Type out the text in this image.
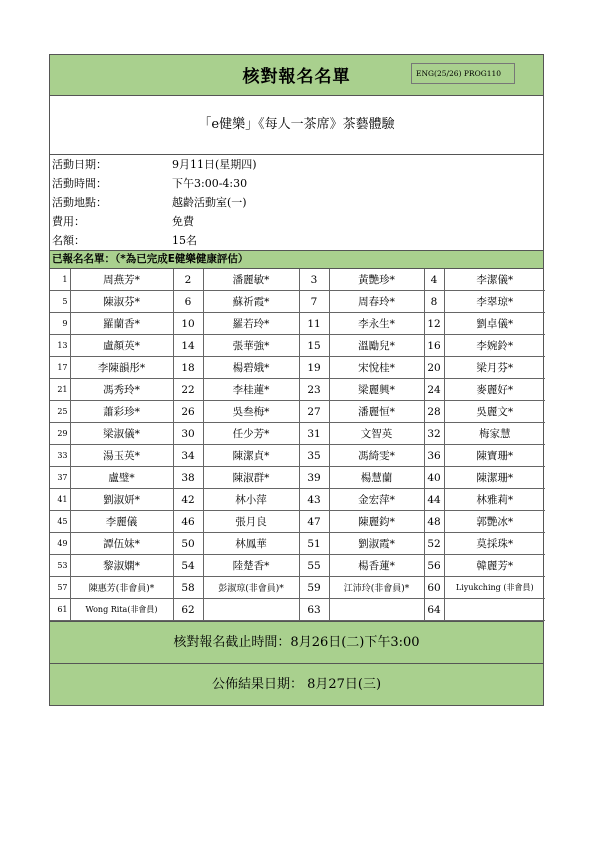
核對報名名單	ENG(25/26) PROG110
「e健樂」《每人一茶席》茶藝體驗
活動日期：	9月11日(星期四)
活動時間：	下午3:00-4:30
活動地點：	越齡活動室(一)
費用：	免費
名額：	15名
已報名名單：（*為已完成E健樂健康評估）
1	周燕芳*	2	潘麗敏*	3	黃艷珍*	4	李潔儀*
5	陳淑芬*	6	蘇祈霞*	7	周春玲*	8	李翠琼*
9	羅蘭香*	10	羅若玲*	11	李永生*	12	劉卓儀*
13	盧顏英*	14	張華強*	15	溫勵兒*	16	李婉鈴*
17	李陳韻彤*	18	楊碧娥*	19	宋悅桂*	20	梁月芬*
21	馮秀玲*	22	李桂蓮*	23	梁麗興*	24	麥麗好*
25	蕭彩珍*	26	吳叁梅*	27	潘麗恒*	28	吳麗文*
29	梁淑儀*	30	任少芳*	31	文智英	32	梅家慧
33	湯玉英*	34	陳潔貞*	35	馮綺雯*	36	陳寶珊*
37	盧璧*	38	陳淑群*	39	楊慧蘭	40	陳潔珊*
41	劉淑妍*	42	林小萍	43	金宏萍*	44	林雅莉*
45	李麗儀	46	張月良	47	陳麗鈞*	48	郭艷冰*
49	譚伍妹*	50	林鳳華	51	劉淑霞*	52	莫採珠*
53	黎淑嫻*	54	陸楚香*	55	楊香蓮*	56	韓麗芳*
57	陳惠芳(非會員)*	58	彭淑琼(非會員)*	59	江沛玲(非會員)*	60	Liyukching (非會員)
61	Wong Rita(非會員)	62		63		64	
核對報名截止時間：8月26日(二)下午3:00
公佈結果日期： 8月27日(三)
